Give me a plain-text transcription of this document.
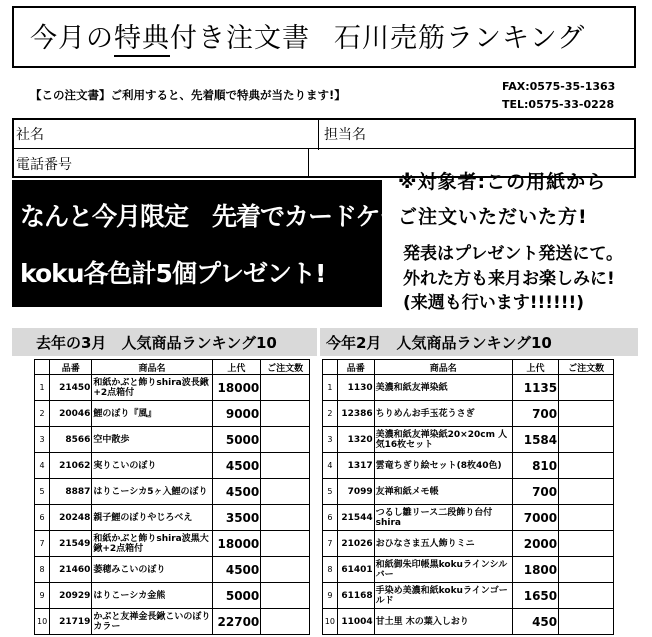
今月の特典付き注文書 石川売筋ランキング
【この注文書】ご利用すると、先着順で特典が当たります!】
FAX:0575-35-1363
TEL:0575-33-0228
社名	担当名
電話番号
なんと今月限定　先着でカードケース
koku各色計5個プレゼント!
※対象者:この用紙から
ご注文いただいた方!
発表はプレゼント発送にて。
外れた方も来月お楽しみに!
(来週も行います!!!!!!)
去年の3月　人気商品ランキング10	今年2月　人気商品ランキング10
	品番	商品名	上代	ご注文数
1	21450	和紙かぶと飾りshira波長鍬+2点箱付	18000	
2	20046	鯉のぼり『風』	9000	
3	8566	空中散歩	5000	
4	21062	実りこいのぼり	4500	
5	8887	はりこーシカ5ヶ入鯉のぼり	4500	
6	20248	親子鯉のぼりやじろべえ	3500	
7	21549	和紙かぶと飾りshira波黒大鍬+2点箱付	18000	
8	21460	萎穂みこいのぼり	4500	
9	20929	はりこーシカ金熊	5000	
10	21719	かぶと友禅金長鍬こいのぼりカラー	22700	
	品番	商品名	上代	ご注文数
1	1130	美濃和紙友禅染紙	1135	
2	12386	ちりめんお手玉花うさぎ	700	
3	1320	美濃和紙友禅染紙20×20cm 人気16枚セット	1584	
4	1317	雲竜ちぎり絵セット(8枚40色)	810	
5	7099	友禅和紙メモ帳	700	
6	21544	つるし雛リース二段飾り台付shira	7000	
7	21026	おひなさま五人飾りミニ	2000	
8	61401	和紙御朱印帳黒kokuラインシルバー	1800	
9	61168	手染め美濃和紙kokuラインゴールド	1650	
10	11004	甘土里 木の葉入しおり	450	
